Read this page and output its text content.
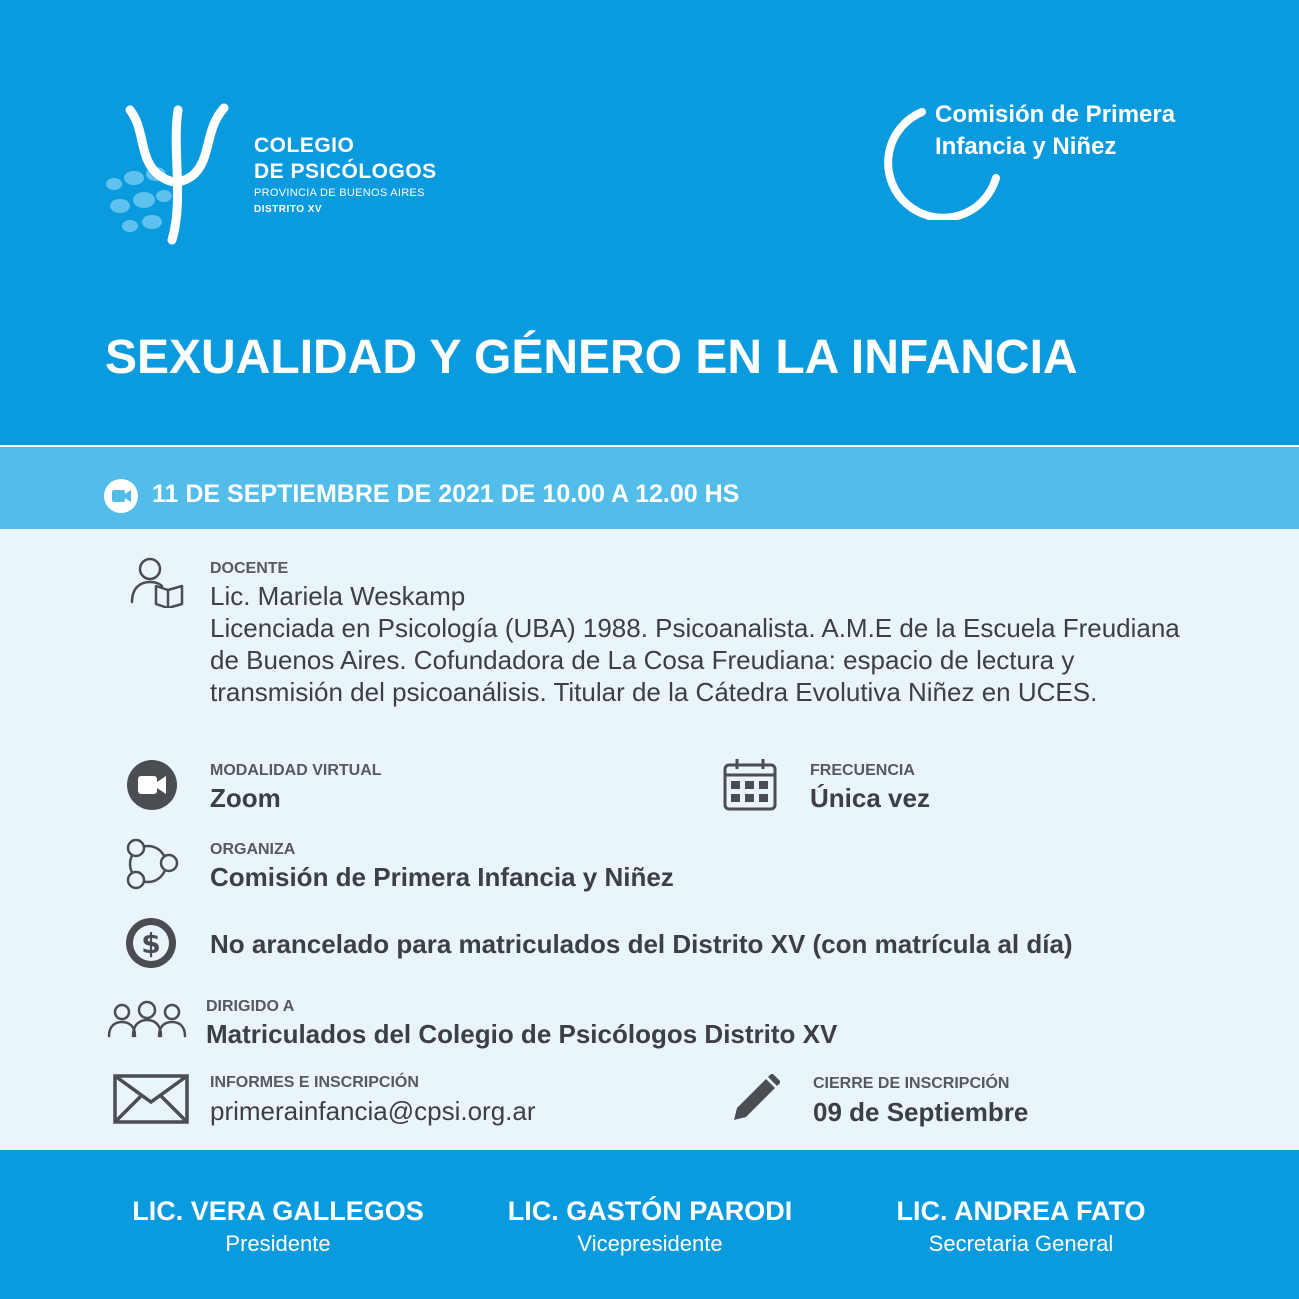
COLEGIO
DE PSICÓLOGOS
PROVINCIA DE BUENOS AIRES
DISTRITO XV
Comisión de Primera
Infancia y Niñez
SEXUALIDAD Y GÉNERO EN LA INFANCIA
11 DE SEPTIEMBRE DE 2021 DE 10.00 A 12.00 HS
DOCENTE
Lic. Mariela Weskamp
Licenciada en Psicología (UBA) 1988. Psicoanalista. A.M.E de la Escuela Freudiana de Buenos Aires. Cofundadora de La Cosa Freudiana: espacio de lectura y transmisión del psicoanálisis. Titular de la Cátedra Evolutiva Niñez en UCES.
MODALIDAD VIRTUAL
Zoom
FRECUENCIA
Única vez
ORGANIZA
Comisión de Primera Infancia y Niñez
$ No arancelado para matriculados del Distrito XV (con matrícula al día)
DIRIGIDO A
Matriculados del Colegio de Psicólogos Distrito XV
INFORMES E INSCRIPCIÓN
primerainfancia@cpsi.org.ar
CIERRE DE INSCRIPCIÓN
09 de Septiembre
LIC. VERA GALLEGOS
Presidente
LIC. GASTÓN PARODI
Vicepresidente
LIC. ANDREA FATO
Secretaria General
